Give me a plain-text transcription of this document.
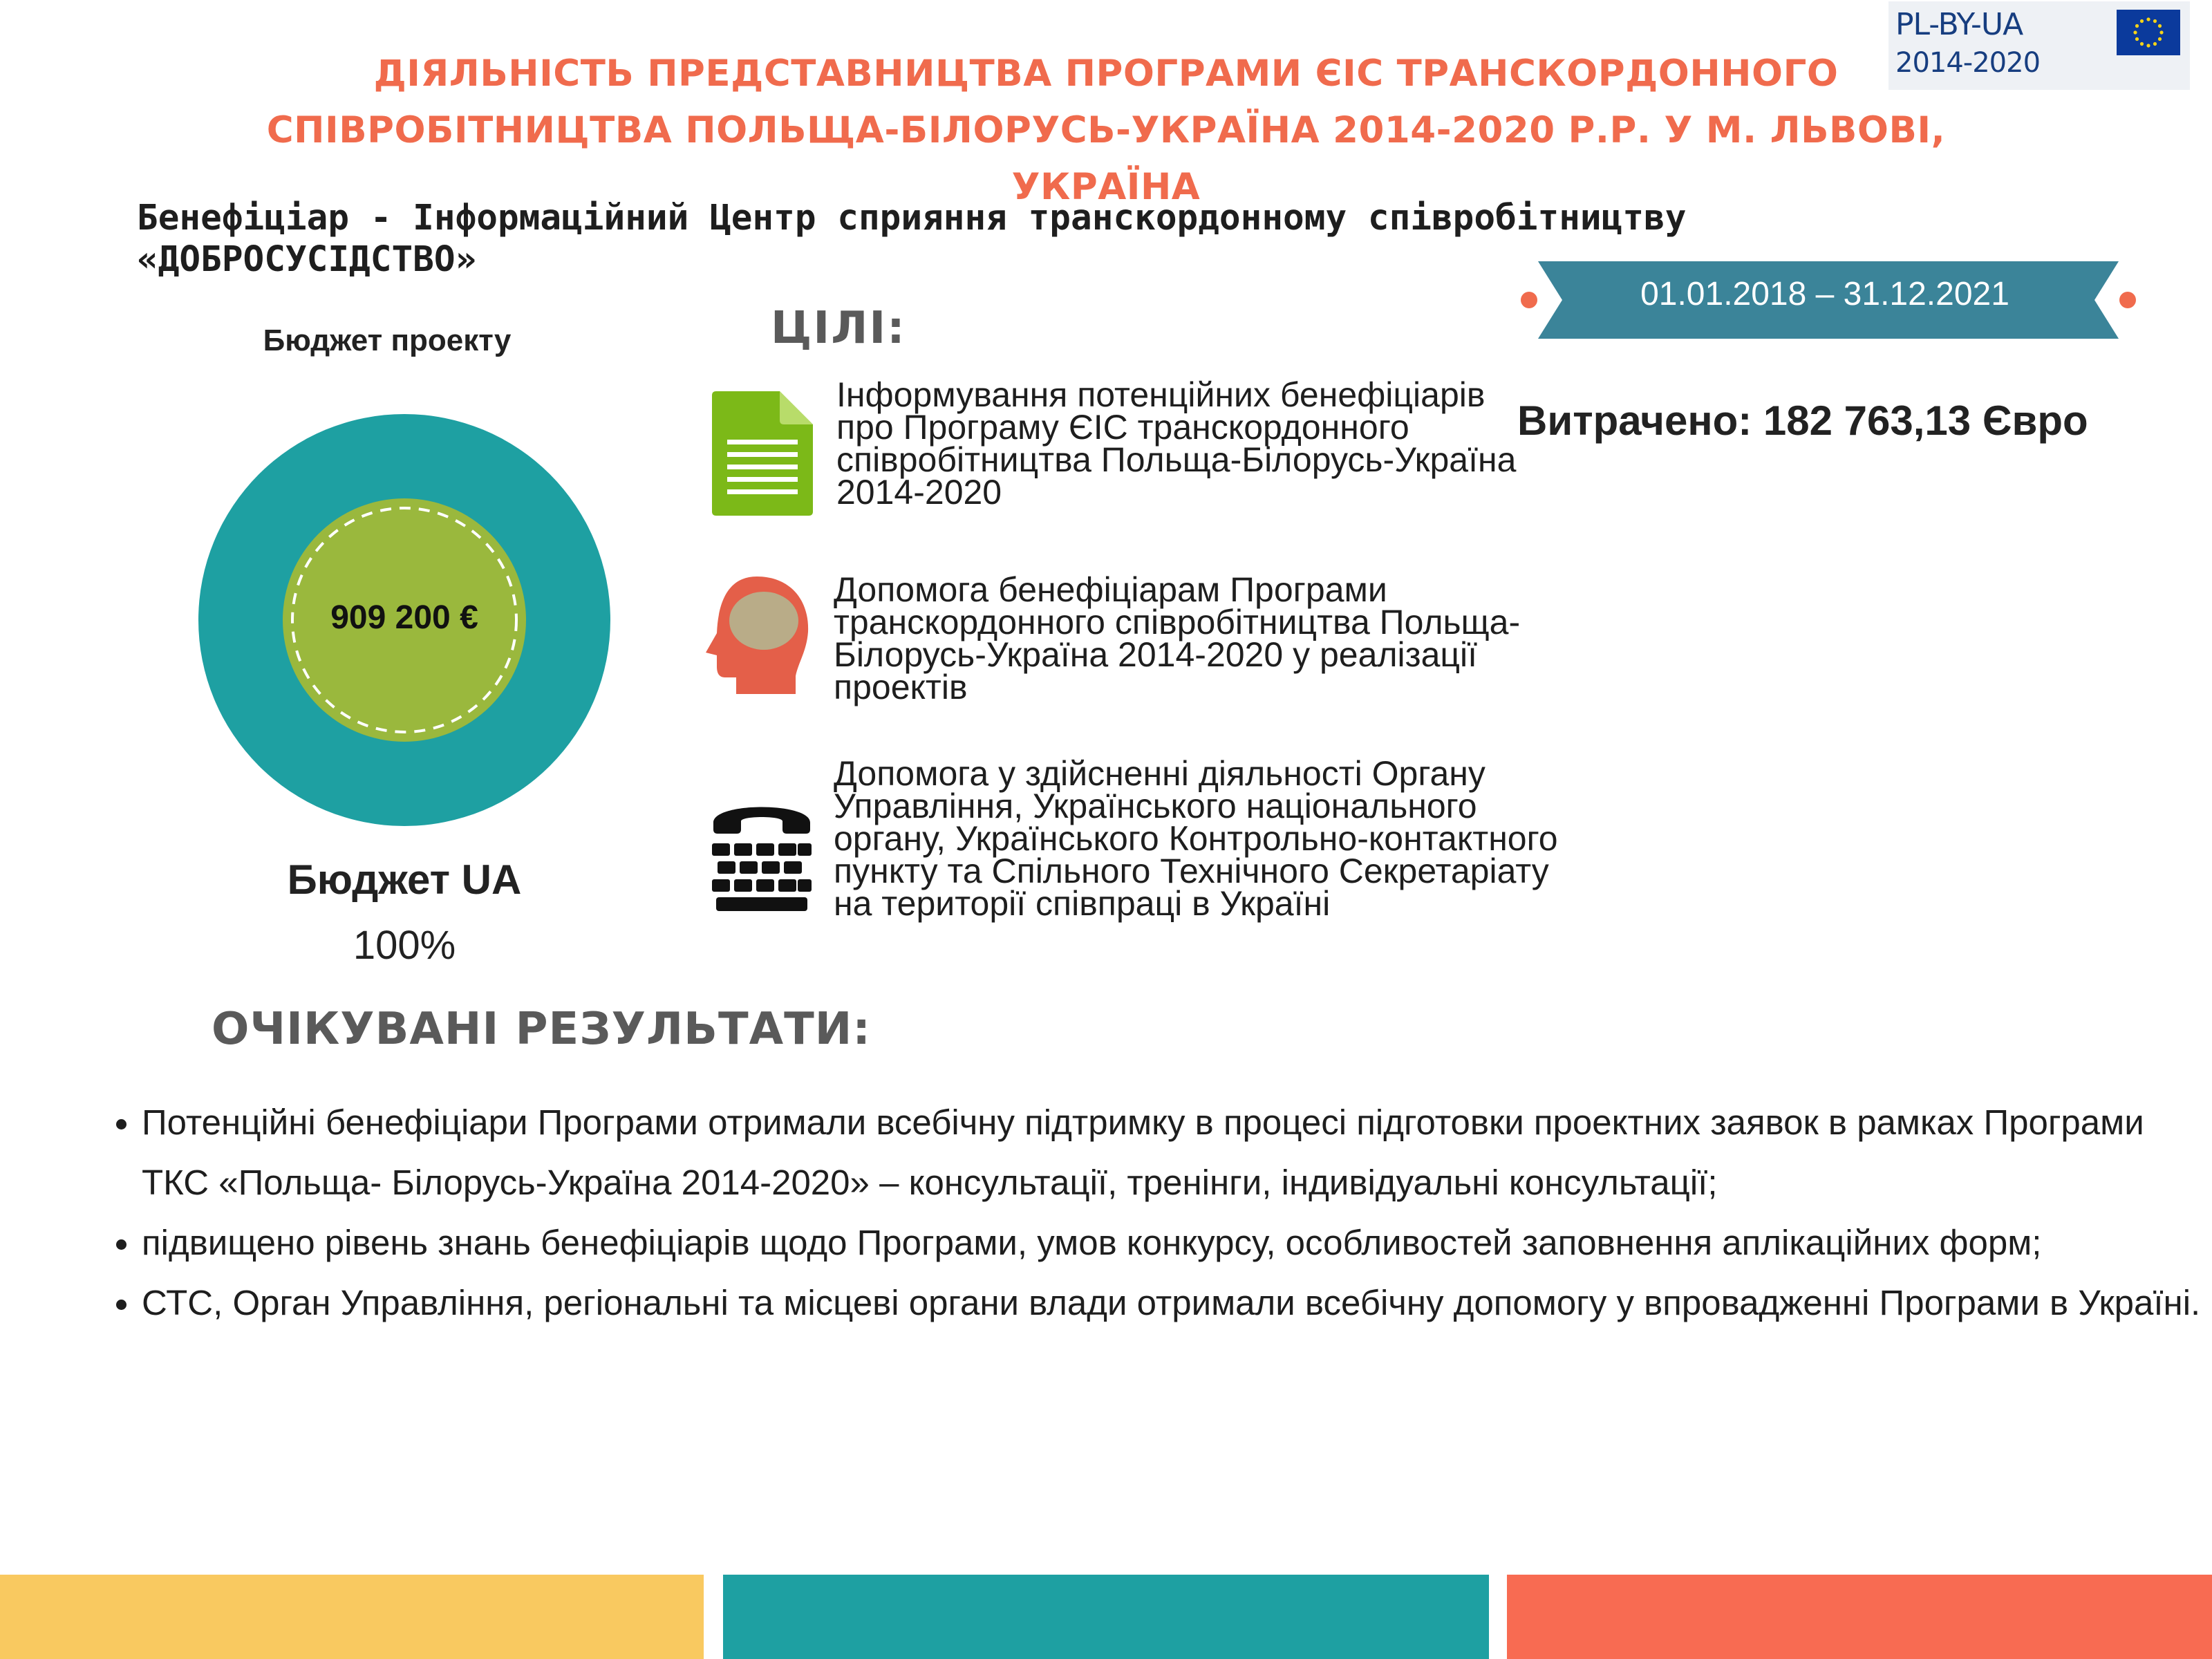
PL-BY-UA
2014-2020
ДІЯЛЬНІСТЬ ПРЕДСТАВНИЦТВА ПРОГРАМИ ЄІС ТРАНСКОРДОННОГО СПІВРОБІТНИЦТВА ПОЛЬЩА-БІЛОРУСЬ-УКРАЇНА 2014-2020 Р.Р. У М. ЛЬВОВІ, УКРАЇНА
Бенефіціар - Інформаційний Центр сприяння транскордонному співробітництву
«ДОБРОСУСІДСТВО»
01.01.2018 – 31.12.2021
Витрачено: 182 763,13 Євро
Бюджет проекту
909 200 €
Бюджет UA
100%
ЦІЛІ:
Інформування потенційних бенефіціарів про Програму ЄІС транскордонного співробітництва Польща-Білорусь-Україна 2014-2020
Допомога бенефіціарам Програми транскордонного співробітництва Польща-Білорусь-Україна 2014-2020 у реалізації проектів
Допомога у здійсненні діяльності Органу Управління, Українського національного органу, Українського Контрольно-контактного пункту та Спільного Технічного Секретаріату на території співпраці в Україні
ОЧІКУВАНІ РЕЗУЛЬТАТИ:
• Потенційні бенефіціари Програми отримали всебічну підтримку в процесі підготовки проектних заявок в рамках Програми ТКС «Польща- Білорусь-Україна 2014-2020» – консультації, тренінги, індивідуальні консультації;
• підвищено рівень знань бенефіціарів щодо Програми, умов конкурсу, особливостей заповнення аплікаційних форм;
• СТС, Орган Управління, регіональні та місцеві органи влади отримали всебічну допомогу у впровадженні Програми в Україні.
